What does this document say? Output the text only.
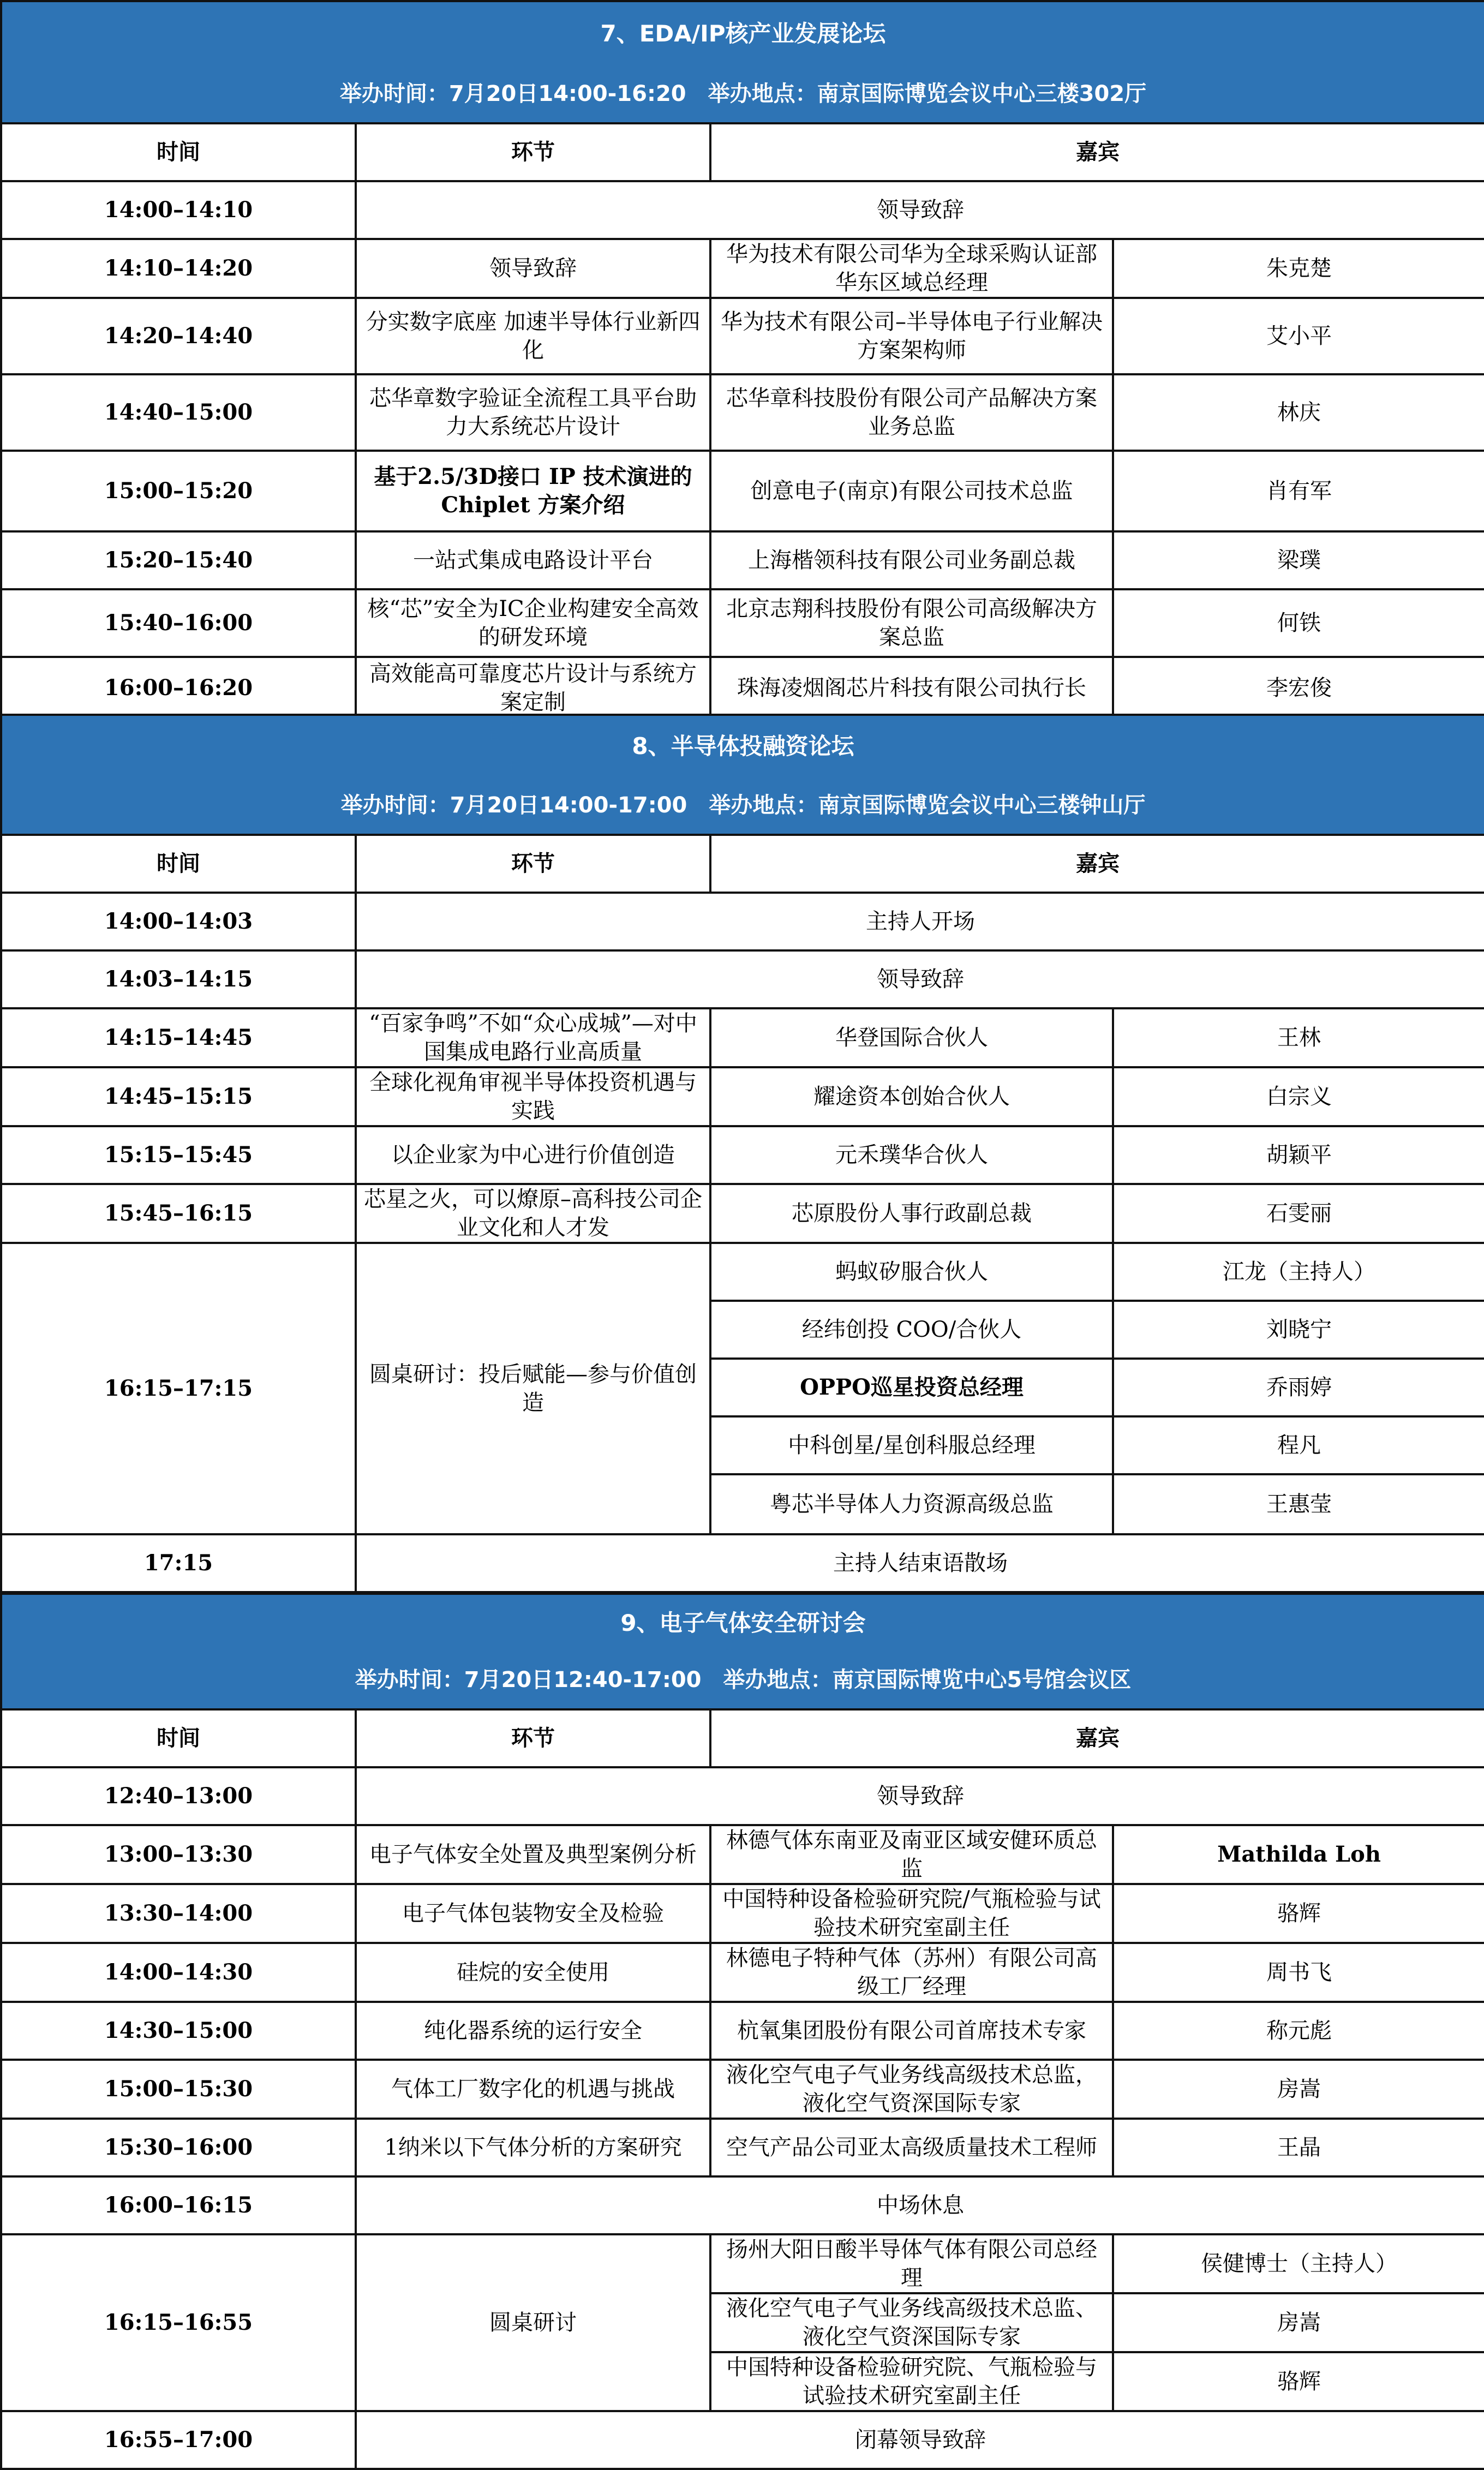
7、EDA/IP核产业发展论坛			
举办时间：7月20日14:00-16:20　举办地点：南京国际博览会议中心三楼302厅			
时间	环节	嘉宾	
14:00–14:10	领导致辞		
14:10–14:20	领导致辞	华为技术有限公司华为全球采购认证部华东区域总经理	朱克楚
14:20–14:40	分实数字底座 加速半导体行业新四化	华为技术有限公司–半导体电子行业解决方案架构师	艾小平
14:40–15:00	芯华章数字验证全流程工具平台助力大系统芯片设计	芯华章科技股份有限公司产品解决方案业务总监	林庆
15:00–15:20	基于2.5/3D接口 IP 技术演进的Chiplet 方案介绍	创意电子(南京)有限公司技术总监	肖有军
15:20–15:40	一站式集成电路设计平台	上海楷领科技有限公司业务副总裁	梁璞
15:40–16:00	核“芯”安全为IC企业构建安全高效的研发环境	北京志翔科技股份有限公司高级解决方案总监	何铁
16:00–16:20	高效能高可靠度芯片设计与系统方案定制	珠海凌烟阁芯片科技有限公司执行长	李宏俊
8、半导体投融资论坛			
举办时间：7月20日14:00-17:00　举办地点：南京国际博览会议中心三楼钟山厅			
时间	环节	嘉宾	
14:00–14:03	主持人开场		
14:03–14:15	领导致辞		
14:15–14:45	“百家争鸣”不如“众心成城”—对中国集成电路行业高质量	华登国际合伙人	王林
14:45–15:15	全球化视角审视半导体投资机遇与实践	耀途资本创始合伙人	白宗义
15:15–15:45	以企业家为中心进行价值创造	元禾璞华合伙人	胡颖平
15:45–16:15	芯星之火，可以燎原–高科技公司企业文化和人才发	芯原股份人事行政副总裁	石雯丽
16:15–17:15	圆桌研讨：投后赋能—参与价值创造	蚂蚁矽服合伙人	江龙（主持人）
		经纬创投 COO/合伙人	刘晓宁
		OPPO巡星投资总经理	乔雨婷
		中科创星/星创科服总经理	程凡
		粤芯半导体人力资源高级总监	王惠莹
17:15	主持人结束语散场		
9、电子气体安全研讨会			
举办时间：7月20日12:40-17:00　举办地点：南京国际博览中心5号馆会议区			
时间	环节	嘉宾	
12:40–13:00	领导致辞		
13:00–13:30	电子气体安全处置及典型案例分析	林德气体东南亚及南亚区域安健环质总监	Mathilda Loh
13:30–14:00	电子气体包装物安全及检验	中国特种设备检验研究院/气瓶检验与试验技术研究室副主任	骆辉
14:00–14:30	硅烷的安全使用	林德电子特种气体（苏州）有限公司高级工厂经理	周书飞
14:30–15:00	纯化器系统的运行安全	杭氧集团股份有限公司首席技术专家	称元彪
15:00–15:30	气体工厂数字化的机遇与挑战	液化空气电子气业务线高级技术总监，液化空气资深国际专家	房嵩
15:30–16:00	1纳米以下气体分析的方案研究	空气产品公司亚太高级质量技术工程师	王晶
16:00–16:15	中场休息		
16:15–16:55	圆桌研讨	扬州大阳日酸半导体气体有限公司总经理	侯健博士（主持人）
		液化空气电子气业务线高级技术总监、液化空气资深国际专家	房嵩
		中国特种设备检验研究院、气瓶检验与试验技术研究室副主任	骆辉
16:55–17:00	闭幕领导致辞		
